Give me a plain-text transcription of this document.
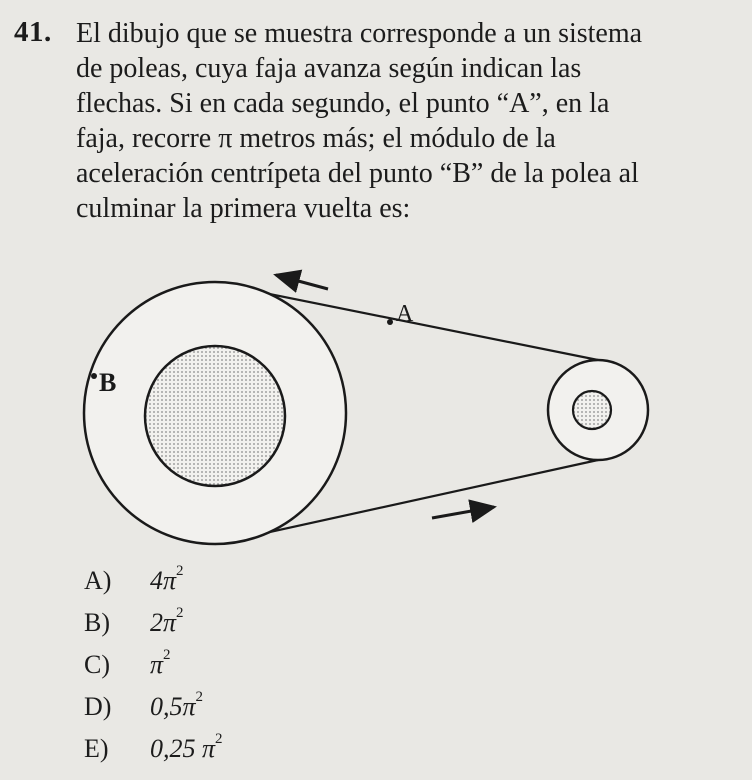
41. El dibujo que se muestra corresponde a un sistema
de poleas, cuya faja avanza según indican las
flechas. Si en cada segundo, el punto “A”, en la
faja, recorre π metros más; el módulo de la
aceleración centrípeta del punto “B” de la polea al
culminar la primera vuelta es:
A
B
A) $4\pi^2$
B) $2\pi^2$
C) $\pi^2$
D) $0,5\pi^2$
E) 0,25 $\pi^2$
